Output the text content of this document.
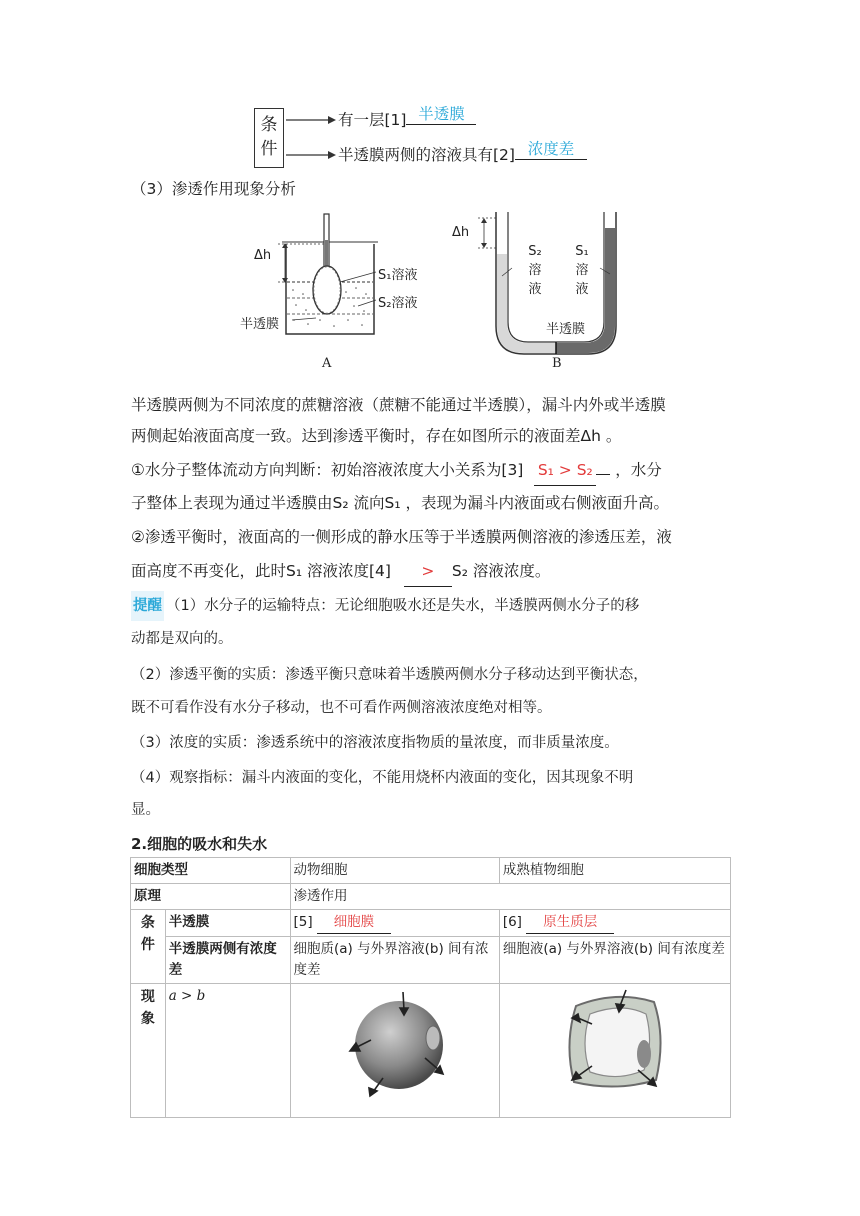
条件
有一层[1] 半透膜
半透膜两侧的溶液具有[2] 浓度差
（3）渗透作用现象分析
Δh
S₁溶液
S₂溶液
半透膜
A
Δh
S₂
溶
液
S₁
溶
液
半透膜
B
半透膜两侧为不同浓度的蔗糖溶液（蔗糖不能通过半透膜），漏斗内外或半透膜
两侧起始液面高度一致。达到渗透平衡时，存在如图所示的液面差Δh 。
①水分子整体流动方向判断：初始溶液浓度大小关系为[3] S₁ > S₂ ，水分
子整体上表现为通过半透膜由S₂ 流向S₁ ，表现为漏斗内液面或右侧液面升高。
②渗透平衡时，液面高的一侧形成的静水压等于半透膜两侧溶液的渗透压差，液
面高度不再变化，此时S₁ 溶液浓度[4] > S₂ 溶液浓度。
提醒 （1）水分子的运输特点：无论细胞吸水还是失水，半透膜两侧水分子的移
动都是双向的。
（2）渗透平衡的实质：渗透平衡只意味着半透膜两侧水分子移动达到平衡状态，
既不可看作没有水分子移动，也不可看作两侧溶液浓度绝对相等。
（3）浓度的实质：渗透系统中的溶液浓度指物质的量浓度，而非质量浓度。
（4）观察指标：漏斗内液面的变化，不能用烧杯内液面的变化，因其现象不明
显。
2.细胞的吸水和失水
细胞类型		动物细胞	成熟植物细胞
原理		渗透作用	
条件	半透膜	[5] 细胞膜	[6] 原生质层
	半透膜两侧有浓度差	细胞质(a) 与外界溶液(b) 间有浓度差	细胞液(a) 与外界溶液(b) 间有浓度差
现象	a > b	
